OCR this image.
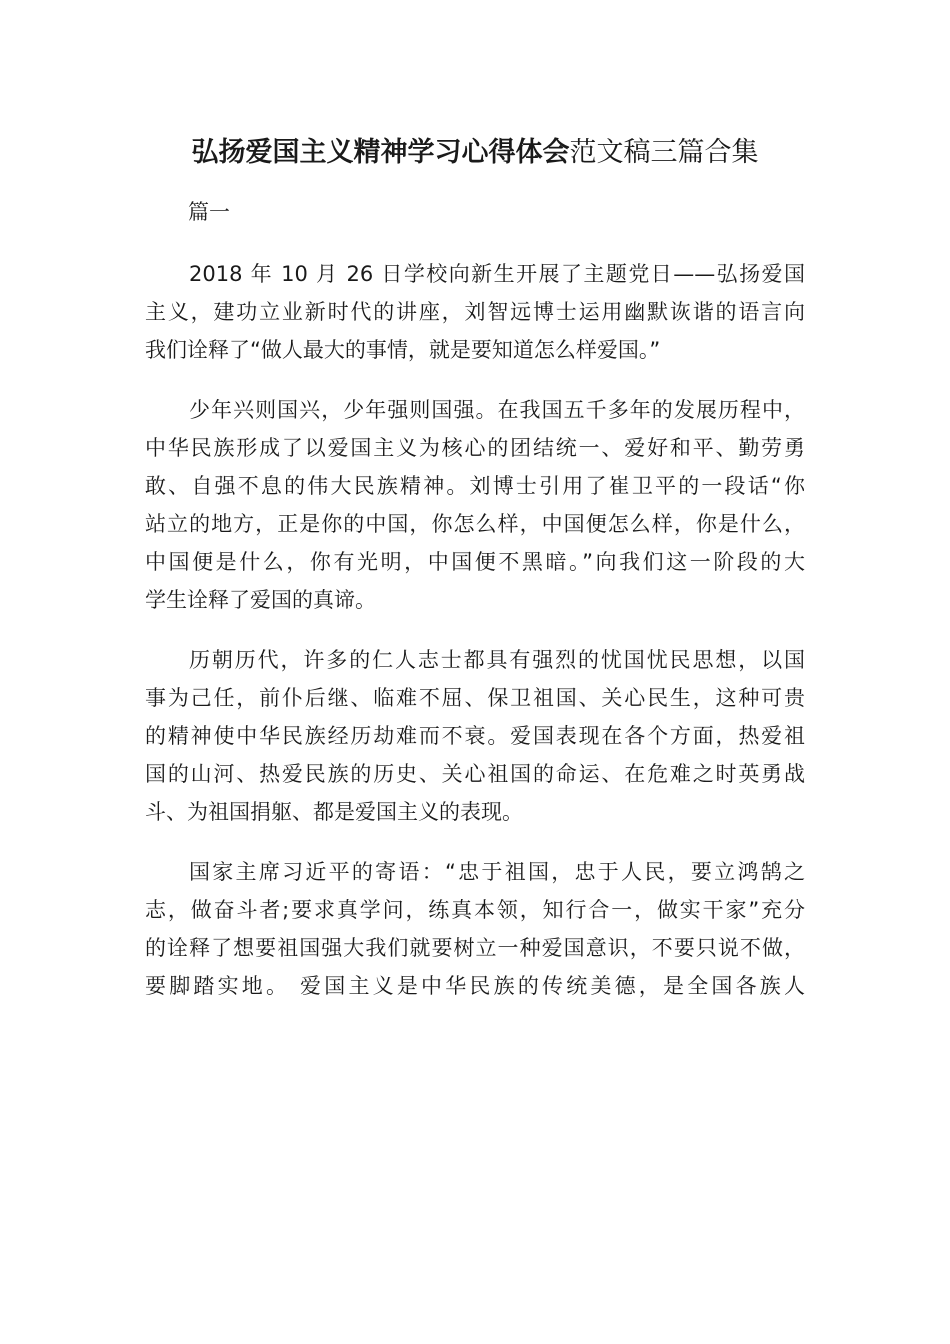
弘扬爱国主义精神学习心得体会范文稿三篇合集

篇一

2018 年 10 月 26 日学校向新生开展了主题党日——弘扬爱国
主义，建功立业新时代的讲座，刘智远博士运用幽默诙谐的语言向
我们诠释了“做人最大的事情，就是要知道怎么样爱国。”
少年兴则国兴，少年强则国强。在我国五千多年的发展历程中，
中华民族形成了以爱国主义为核心的团结统一、爱好和平、勤劳勇
敢、自强不息的伟大民族精神。刘博士引用了崔卫平的一段话“你
站立的地方，正是你的中国，你怎么样，中国便怎么样，你是什么，
中国便是什么，你有光明，中国便不黑暗。”向我们这一阶段的大
学生诠释了爱国的真谛。
历朝历代，许多的仁人志士都具有强烈的忧国忧民思想，以国
事为己任，前仆后继、临难不屈、保卫祖国、关心民生，这种可贵
的精神使中华民族经历劫难而不衰。爱国表现在各个方面，热爱祖
国的山河、热爱民族的历史、关心祖国的命运、在危难之时英勇战
斗、为祖国捐躯、都是爱国主义的表现。
国家主席习近平的寄语：“忠于祖国，忠于人民，要立鸿鹄之
志，做奋斗者;要求真学问，练真本领，知行合一，做实干家”充分
的诠释了想要祖国强大我们就要树立一种爱国意识，不要只说不做，
要脚踏实地。 爱国主义是中华民族的传统美德，是全国各族人
